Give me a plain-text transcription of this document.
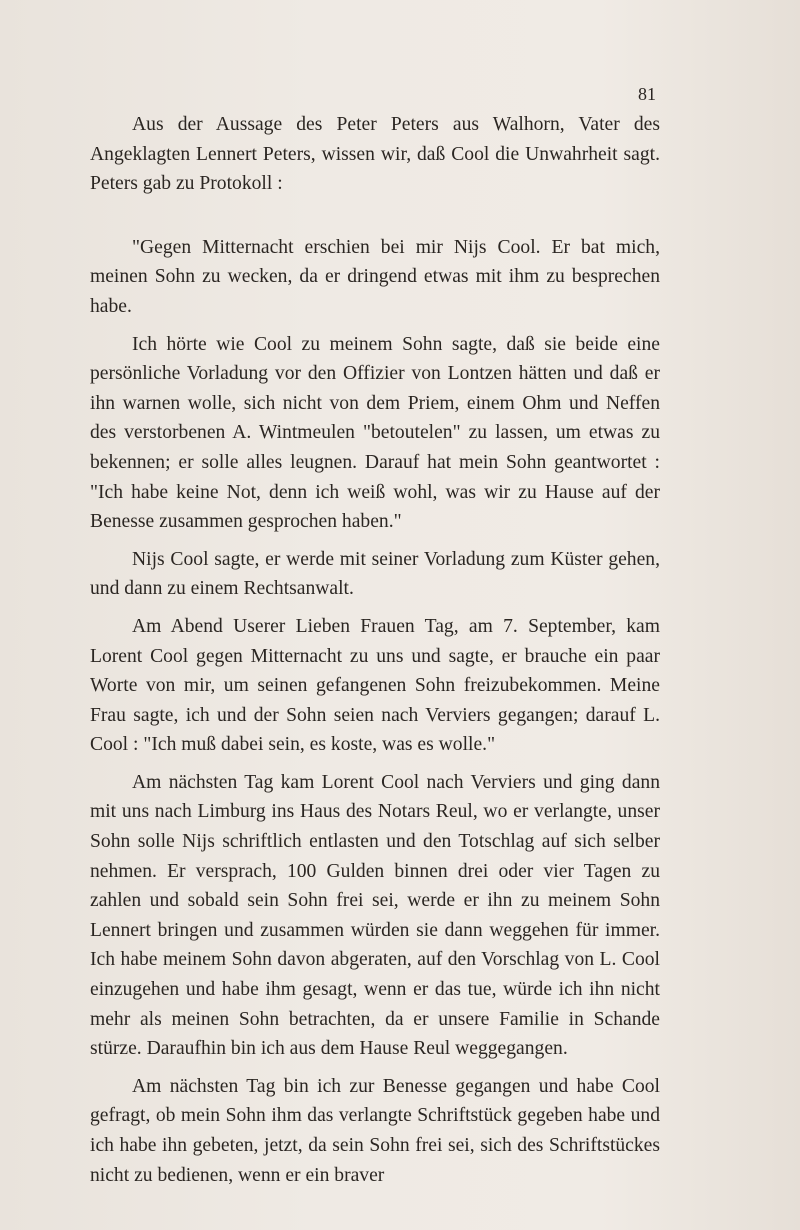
81

Aus der Aussage des Peter Peters aus Walhorn, Vater des Angeklagten Lennert Peters, wissen wir, daß Cool die Unwahrheit sagt. Peters gab zu Protokoll :

"Gegen Mitternacht erschien bei mir Nijs Cool. Er bat mich, meinen Sohn zu wecken, da er dringend etwas mit ihm zu besprechen habe.

Ich hörte wie Cool zu meinem Sohn sagte, daß sie beide eine persönliche Vorladung vor den Offizier von Lontzen hätten und daß er ihn warnen wolle, sich nicht von dem Priem, einem Ohm und Neffen des verstorbenen A. Wintmeulen "betoutelen" zu lassen, um etwas zu bekennen; er solle alles leugnen. Darauf hat mein Sohn geantwortet : "Ich habe keine Not, denn ich weiß wohl, was wir zu Hause auf der Benesse zusammen gesprochen haben."

Nijs Cool sagte, er werde mit seiner Vorladung zum Küster gehen, und dann zu einem Rechtsanwalt.

Am Abend Userer Lieben Frauen Tag, am 7. September, kam Lorent Cool gegen Mitternacht zu uns und sagte, er brauche ein paar Worte von mir, um seinen gefangenen Sohn freizubekommen. Meine Frau sagte, ich und der Sohn seien nach Verviers gegangen; darauf L. Cool : "Ich muß dabei sein, es koste, was es wolle."

Am nächsten Tag kam Lorent Cool nach Verviers und ging dann mit uns nach Limburg ins Haus des Notars Reul, wo er verlangte, unser Sohn solle Nijs schriftlich entlasten und den Totschlag auf sich selber nehmen. Er versprach, 100 Gulden binnen drei oder vier Tagen zu zahlen und sobald sein Sohn frei sei, werde er ihn zu meinem Sohn Lennert bringen und zusammen würden sie dann weggehen für immer. Ich habe meinem Sohn davon abgeraten, auf den Vorschlag von L. Cool einzugehen und habe ihm gesagt, wenn er das tue, würde ich ihn nicht mehr als meinen Sohn betrachten, da er unsere Familie in Schande stürze. Daraufhin bin ich aus dem Hause Reul weggegangen.

Am nächsten Tag bin ich zur Benesse gegangen und habe Cool gefragt, ob mein Sohn ihm das verlangte Schriftstück gegeben habe und ich habe ihn gebeten, jetzt, da sein Sohn frei sei, sich des Schriftstückes nicht zu bedienen, wenn er ein braver
